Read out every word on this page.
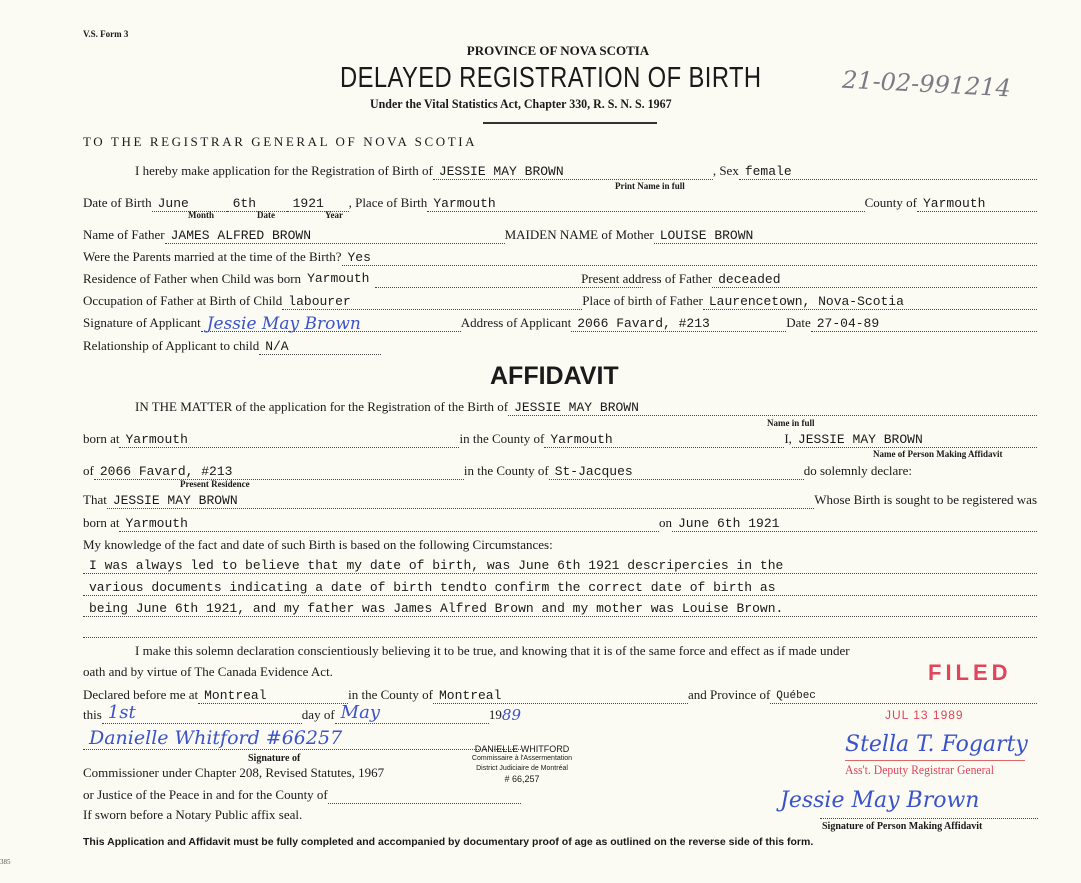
V.S. Form 3
PROVINCE OF NOVA SCOTIA
DELAYED REGISTRATION OF BIRTH	21-02-991214
Under the Vital Statistics Act, Chapter 330, R. S. N. S. 1967
TO THE REGISTRAR GENERAL OF NOVA SCOTIA
I hereby make application for the Registration of Birth of JESSIE MAY BROWN	, Sex female
Print Name in full
Date of Birth June	6th	1921	, Place of Birth Yarmouth	County of Yarmouth
Month	Date	Year
Name of Father JAMES ALFRED BROWN	MAIDEN NAME of Mother LOUISE BROWN
Were the Parents married at the time of the Birth? Yes
Residence of Father when Child was born Yarmouth	Present address of Father deceaded
Occupation of Father at Birth of Child labourer	Place of birth of Father Laurencetown, Nova-Scotia
Signature of Applicant Jessie May Brown	Address of Applicant 2066 Favard, #213	Date 27-04-89
Relationship of Applicant to child N/A
AFFIDAVIT
IN THE MATTER of the application for the Registration of the Birth of JESSIE MAY BROWN
Name in full
born at Yarmouth	in the County of Yarmouth	I, JESSIE MAY BROWN
Name of Person Making Affidavit
of 2066 Favard, #213	in the County of St-Jacques	do solemnly declare:
Present Residence
That JESSIE MAY BROWN	Whose Birth is sought to be registered was
born at Yarmouth	on June 6th 1921
My knowledge of the fact and date of such Birth is based on the following Circumstances:
I was always led to believe that my date of birth, was June 6th 1921 descripercies in the
various documents indicating a date of birth tendto confirm the correct date of birth as
being June 6th 1921, and my father was James Alfred Brown and my mother was Louise Brown.
I make this solemn declaration conscientiously believing it to be true, and knowing that it is of the same force and effect as if made under
oath and by virtue of The Canada Evidence Act.
Declared before me at Montreal	in the County of Montreal	and Province of Québec
this 1st	day of May	19 89
Danielle Whitford #66257
Signature of
Commissioner under Chapter 208, Revised Statutes, 1967
or Justice of the Peace in and for the County of
If sworn before a Notary Public affix seal.
DANIELLE WHITFORD
Commissaire à l'Assermentation
District Judiciaire de Montréal
# 66,257
FILED
JUL 13 1989
Stella T. Fogarty
Ass't. Deputy Registrar General
Jessie May Brown
Signature of Person Making Affidavit
This Application and Affidavit must be fully completed and accompanied by documentary proof of age as outlined on the reverse side of this form.
385
